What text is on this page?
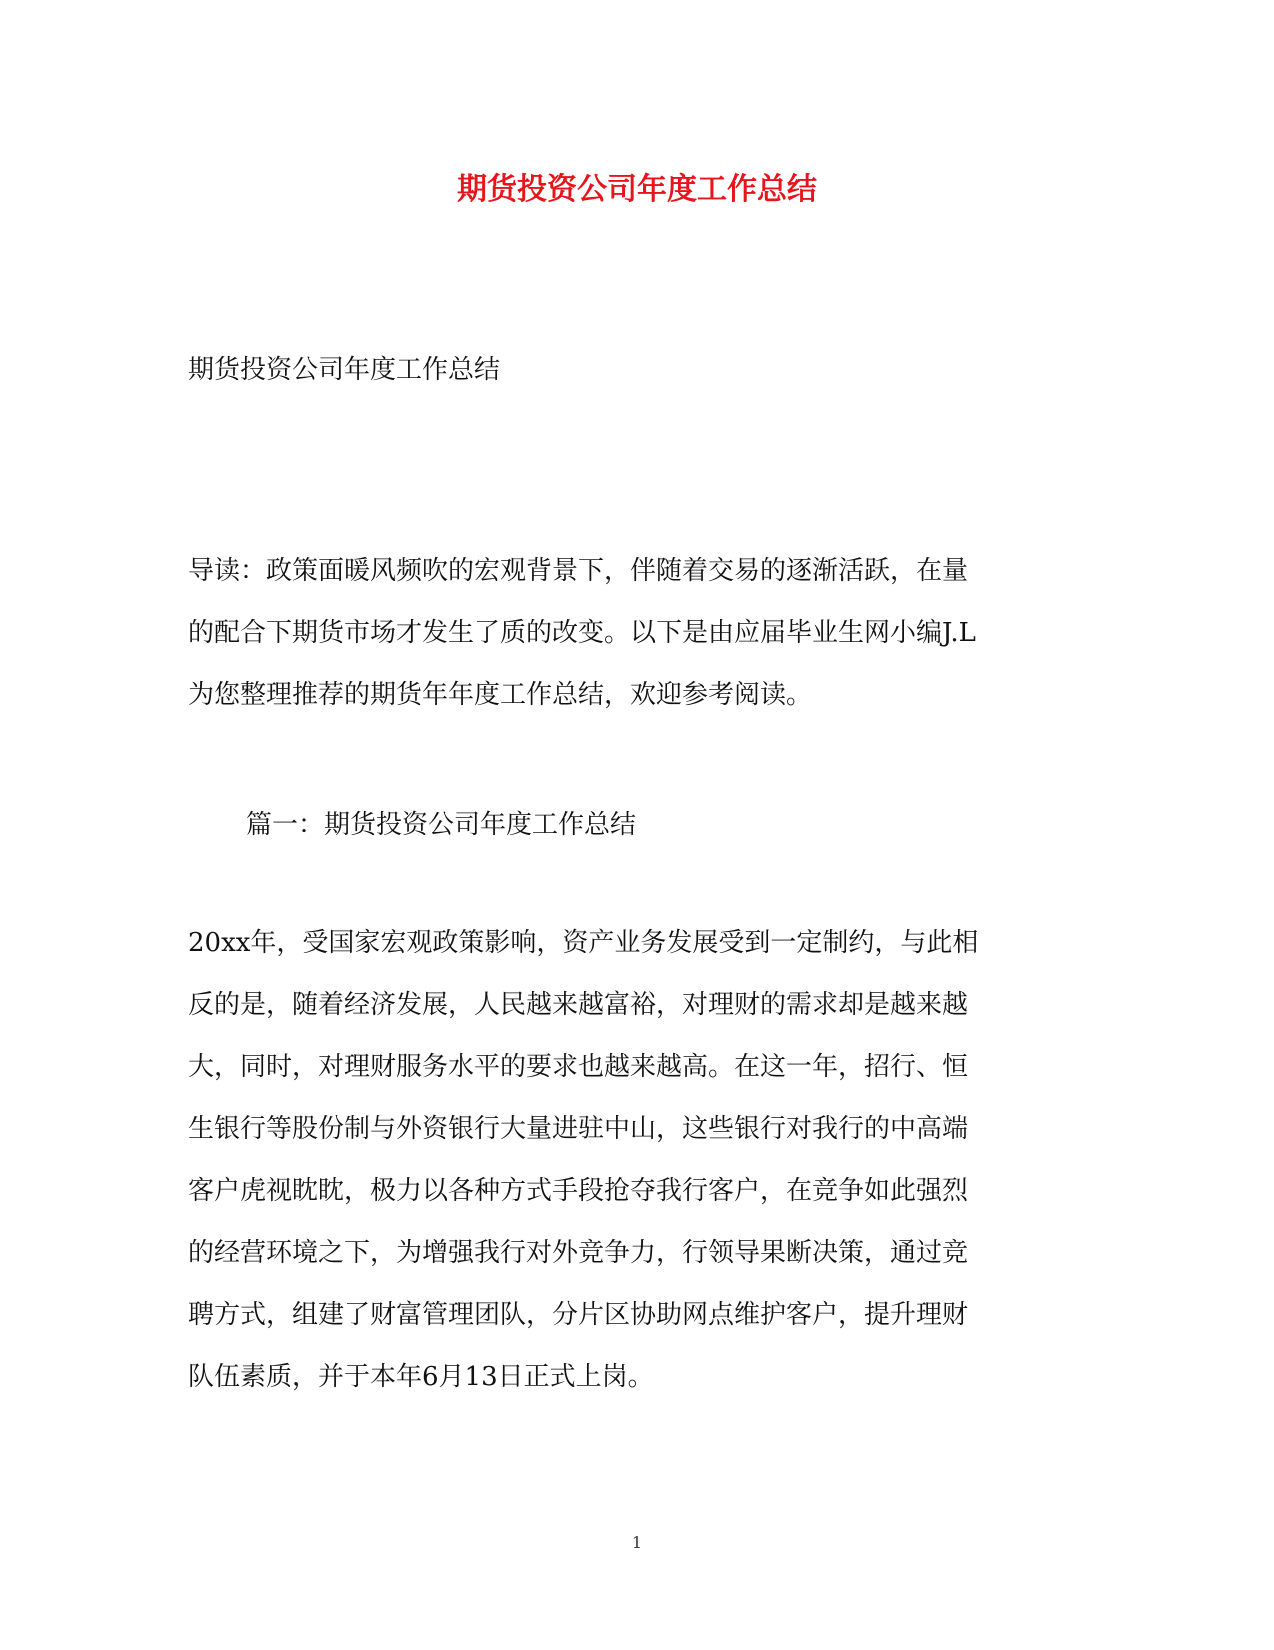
期货投资公司年度工作总结

期货投资公司年度工作总结

导读：政策面暖风频吹的宏观背景下，伴随着交易的逐渐活跃，在量
的配合下期货市场才发生了质的改变。以下是由应届毕业生网小编J.L
为您整理推荐的期货年年度工作总结，欢迎参考阅读。

篇一：期货投资公司年度工作总结

20xx年，受国家宏观政策影响，资产业务发展受到一定制约，与此相
反的是，随着经济发展，人民越来越富裕，对理财的需求却是越来越
大，同时，对理财服务水平的要求也越来越高。在这一年，招行、恒
生银行等股份制与外资银行大量进驻中山，这些银行对我行的中高端
客户虎视眈眈，极力以各种方式手段抢夺我行客户，在竞争如此强烈
的经营环境之下，为增强我行对外竞争力，行领导果断决策，通过竞
聘方式，组建了财富管理团队，分片区协助网点维护客户，提升理财
队伍素质，并于本年6月13日正式上岗。

1
